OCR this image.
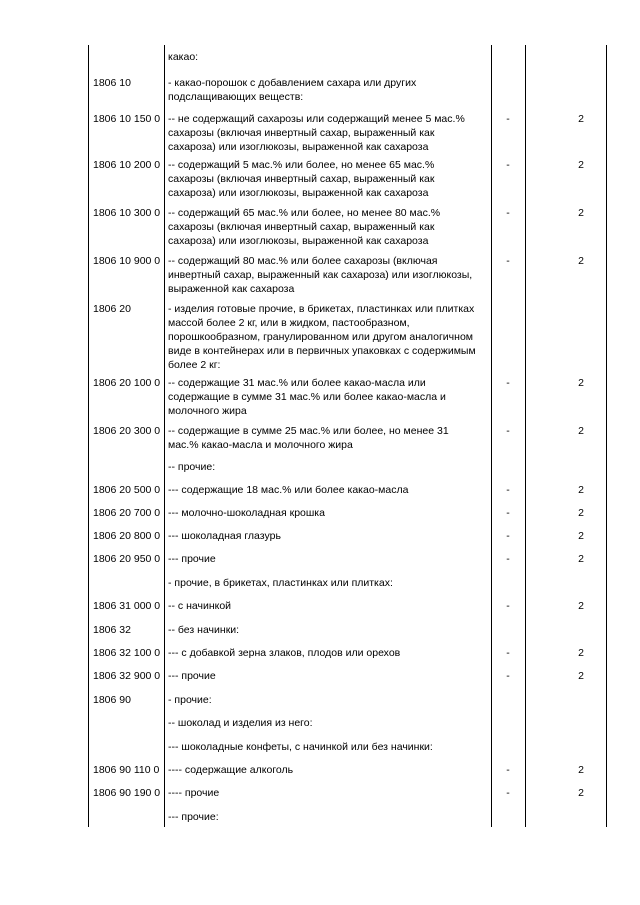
какао:
1806 10	- какао-порошок с добавлением сахара или других
подслащивающих веществ:
1806 10 150 0 -- не содержащий сахарозы или содержащий менее 5 мас.%
сахарозы (включая инвертный сахар, выраженный как
сахароза) или изоглюкозы, выраженной как сахароза
-	2
1806 10 200 0 -- содержащий 5 мас.% или более, но менее 65 мас.%
сахарозы (включая инвертный сахар, выраженный как
сахароза) или изоглюкозы, выраженной как сахароза
-	2
1806 10 300 0 -- содержащий 65 мас.% или более, но менее 80 мас.%
сахарозы (включая инвертный сахар, выраженный как
сахароза) или изоглюкозы, выраженной как сахароза
-	2
1806 10 900 0 -- содержащий 80 мас.% или более сахарозы (включая
инвертный сахар, выраженный как сахароза) или изоглюкозы,
выраженной как сахароза
-	2
1806 20	- изделия готовые прочие, в брикетах, пластинках или плитках
массой более 2 кг, или в жидком, пастообразном,
порошкообразном, гранулированном или другом аналогичном
виде в контейнерах или в первичных упаковках с содержимым
более 2 кг:
1806 20 100 0 -- содержащие 31 мас.% или более какао-масла или
содержащие в сумме 31 мас.% или более какао-масла и
молочного жира
-	2
1806 20 300 0 -- содержащие в сумме 25 мас.% или более, но менее 31
мас.% какао-масла и молочного жира
-	2
-- прочие:
1806 20 500 0 --- содержащие 18 мас.% или более какао-масла	-	2
1806 20 700 0 --- молочно-шоколадная крошка	-	2
1806 20 800 0 --- шоколадная глазурь	-	2
1806 20 950 0 --- прочие	-	2
- прочие, в брикетах, пластинках или плитках:
1806 31 000 0 -- с начинкой	-	2
1806 32	-- без начинки:
1806 32 100 0 --- с добавкой зерна злаков, плодов или орехов	-	2
1806 32 900 0 --- прочие	-	2
1806 90	- прочие:
-- шоколад и изделия из него:
--- шоколадные конфеты, с начинкой или без начинки:
1806 90 110 0 ---- содержащие алкоголь	-	2
1806 90 190 0 ---- прочие	-	2
--- прочие:
